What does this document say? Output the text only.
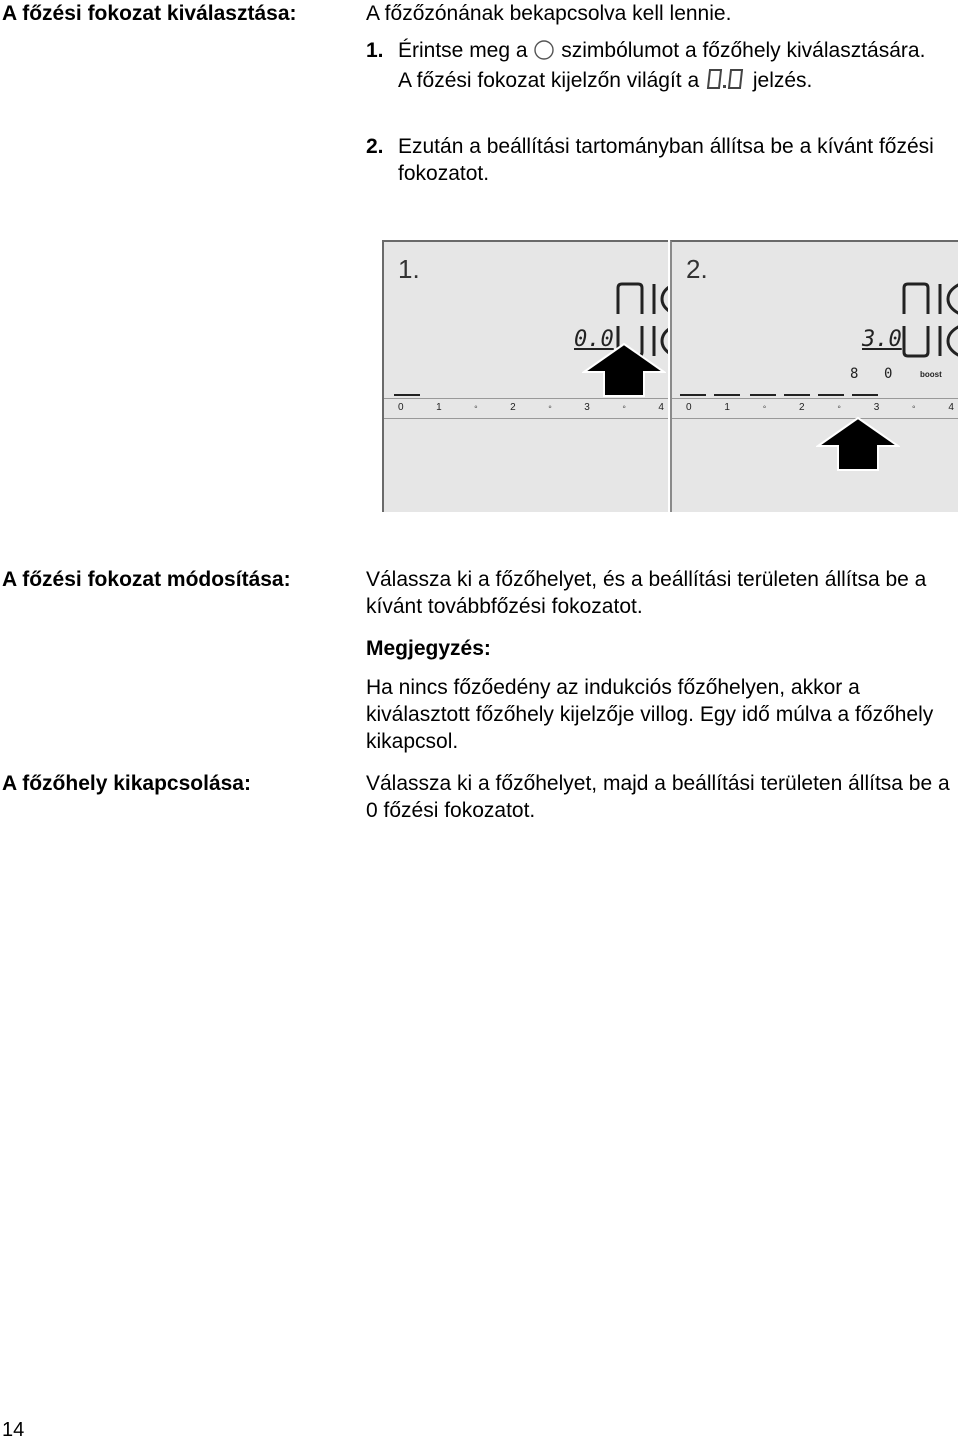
A főzési fokozat kiválasztása:	A főzőzónának bekapcsolva kell lennie.
1. Érintse meg a szimbólumot a főzőhely kiválasztására.
A főzési fokozat kijelzőn világít a	jelzés.
2. Ezután a beállítási tartományban állítsa be a kívánt főzési fokozatot.
1.
0.0
0	1	◦	2	◦	3	◦	4
2.
3.0
8 0	boost
0	1	◦	2	◦	3	◦	4
A főzési fokozat módosítása:	Válassza ki a főzőhelyet, és a beállítási területen állítsa be a kívánt továbbfőzési fokozatot.
Megjegyzés:
Ha nincs főzőedény az indukciós főzőhelyen, akkor a kiválasztott főzőhely kijelzője villog. Egy idő múlva a főzőhely kikapcsol.
A főzőhely kikapcsolása:	Válassza ki a főzőhelyet, majd a beállítási területen állítsa be a 0 főzési fokozatot.
14
